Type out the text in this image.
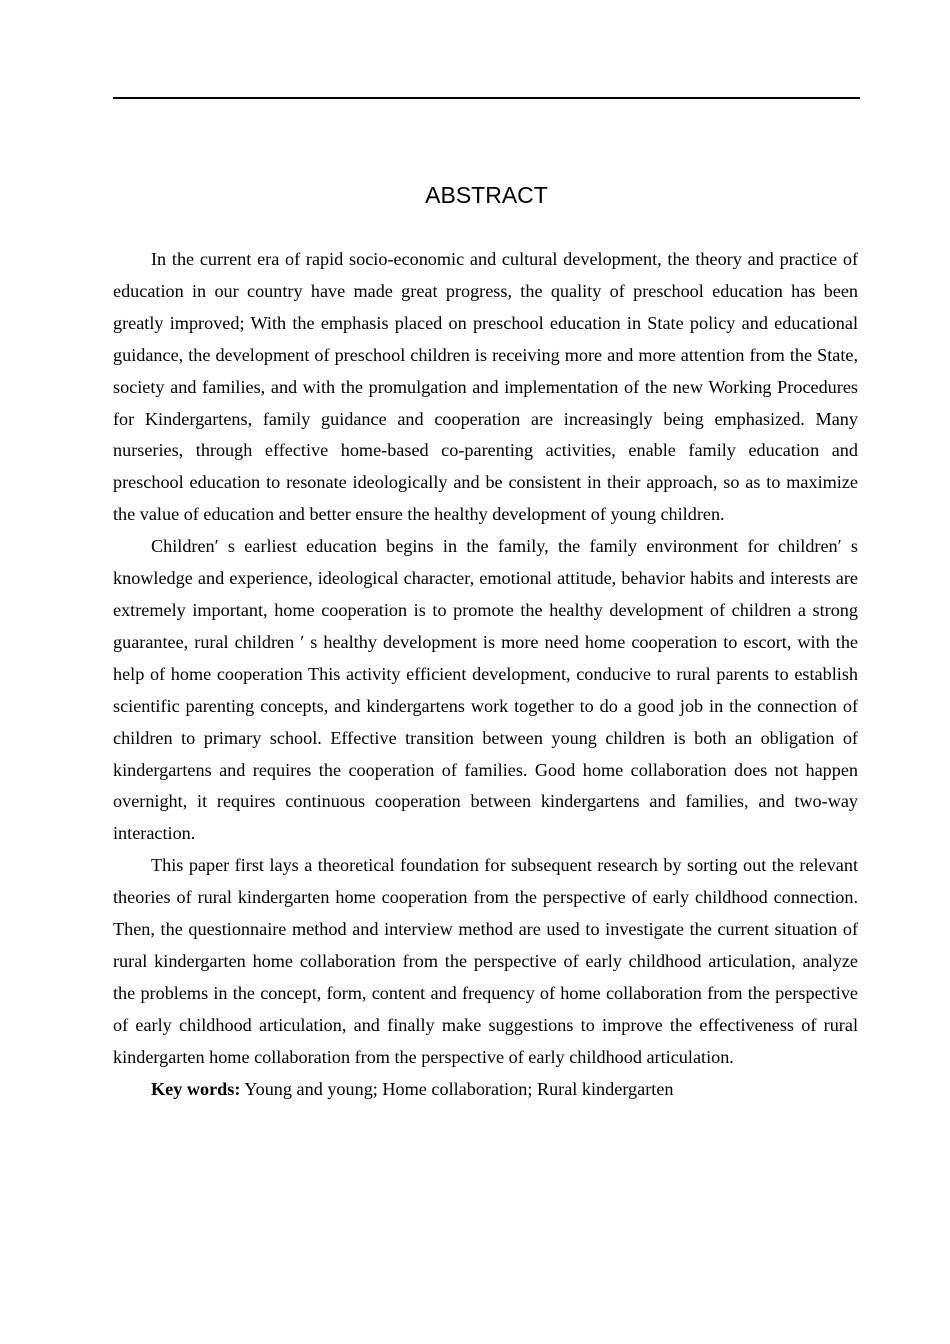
ABSTRACT

In the current era of rapid socio-economic and cultural development, the theory and practice of education in our country have made great progress, the quality of preschool education has been greatly improved; With the emphasis placed on preschool education in State policy and educational guidance, the development of preschool children is receiving more and more attention from the State, society and families, and with the promulgation and implementation of the new Working Procedures for Kindergartens, family guidance and cooperation are increasingly being emphasized. Many nurseries, through effective home-based co-parenting activities, enable family education and preschool education to resonate ideologically and be consistent in their approach, so as to maximize the value of education and better ensure the healthy development of young children.

Children′ s earliest education begins in the family, the family environment for children′ s knowledge and experience, ideological character, emotional attitude, behavior habits and interests are extremely important, home cooperation is to promote the healthy development of children a strong guarantee, rural children ′ s healthy development is more need home cooperation to escort, with the help of home cooperation This activity efficient development, conducive to rural parents to establish scientific parenting concepts, and kindergartens work together to do a good job in the connection of children to primary school. Effective transition between young children is both an obligation of kindergartens and requires the cooperation of families. Good home collaboration does not happen overnight, it requires continuous cooperation between kindergartens and families, and two-way interaction.

This paper first lays a theoretical foundation for subsequent research by sorting out the relevant theories of rural kindergarten home cooperation from the perspective of early childhood connection. Then, the questionnaire method and interview method are used to investigate the current situation of rural kindergarten home collaboration from the perspective of early childhood articulation, analyze the problems in the concept, form, content and frequency of home collaboration from the perspective of early childhood articulation, and finally make suggestions to improve the effectiveness of rural kindergarten home collaboration from the perspective of early childhood articulation.

Key words: Young and young; Home collaboration; Rural kindergarten
